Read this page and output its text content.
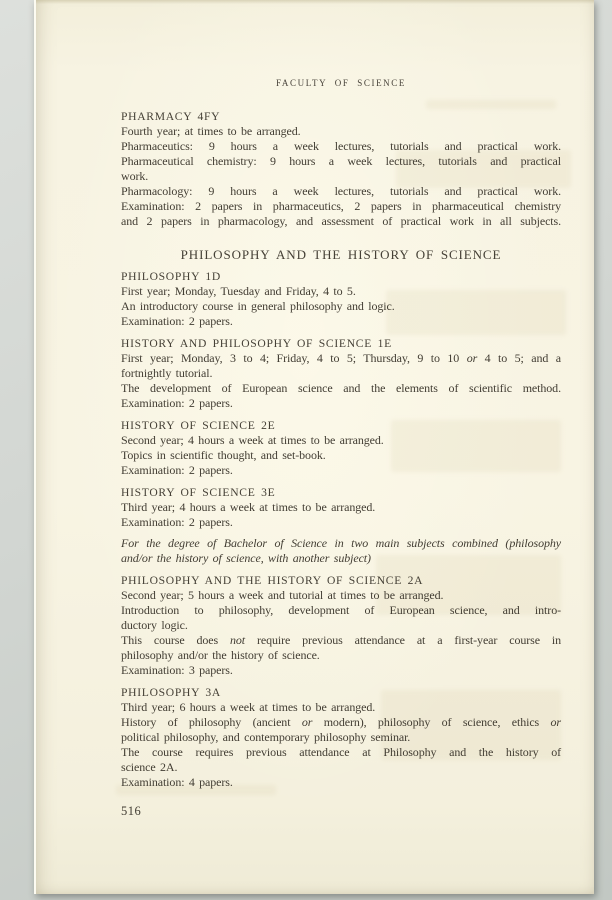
FACULTY OF SCIENCE
PHARMACY 4FY
Fourth year; at times to be arranged.
Pharmaceutics: 9 hours a week lectures, tutorials and practical work.
Pharmaceutical chemistry: 9 hours a week lectures, tutorials and practical
work.
Pharmacology: 9 hours a week lectures, tutorials and practical work.
Examination: 2 papers in pharmaceutics, 2 papers in pharmaceutical chemistry
and 2 papers in pharmacology, and assessment of practical work in all subjects.
PHILOSOPHY AND THE HISTORY OF SCIENCE
PHILOSOPHY 1D
First year; Monday, Tuesday and Friday, 4 to 5.
An introductory course in general philosophy and logic.
Examination: 2 papers.
HISTORY AND PHILOSOPHY OF SCIENCE 1E
First year; Monday, 3 to 4; Friday, 4 to 5; Thursday, 9 to 10 or 4 to 5; and a
fortnightly tutorial.
The development of European science and the elements of scientific method.
Examination: 2 papers.
HISTORY OF SCIENCE 2E
Second year; 4 hours a week at times to be arranged.
Topics in scientific thought, and set-book.
Examination: 2 papers.
HISTORY OF SCIENCE 3E
Third year; 4 hours a week at times to be arranged.
Examination: 2 papers.
For the degree of Bachelor of Science in two main subjects combined (philosophy
and/or the history of science, with another subject)
PHILOSOPHY AND THE HISTORY OF SCIENCE 2A
Second year; 5 hours a week and tutorial at times to be arranged.
Introduction to philosophy, development of European science, and intro-
ductory logic.
This course does not require previous attendance at a first-year course in
philosophy and/or the history of science.
Examination: 3 papers.
PHILOSOPHY 3A
Third year; 6 hours a week at times to be arranged.
History of philosophy (ancient or modern), philosophy of science, ethics or
political philosophy, and contemporary philosophy seminar.
The course requires previous attendance at Philosophy and the history of
science 2A.
Examination: 4 papers.
516
